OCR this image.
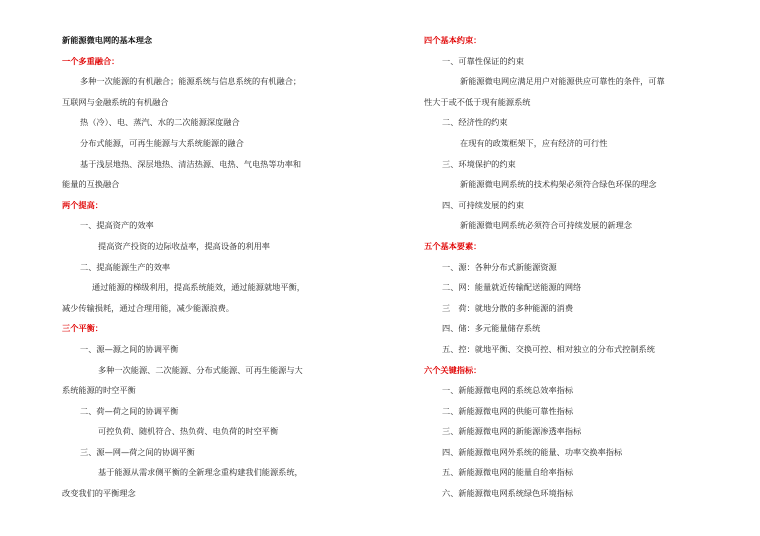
新能源微电网的基本理念
一个多重融合：
多种一次能源的有机融合；能源系统与信息系统的有机融合；
互联网与金融系统的有机融合
热（冷）、电、蒸汽、水的二次能源深度融合
分布式能源，可再生能源与大系统能源的融合
基于浅层地热、深层地热、清洁热源、电热、气电热等功率和
能量的互换融合
两个提高：
一、提高资产的效率
提高资产投资的边际收益率，提高设备的利用率
二、提高能源生产的效率
通过能源的梯级利用，提高系统能效，通过能源就地平衡，
减少传输损耗，通过合理用能，减少能源浪费。
三个平衡：
一、源—源之间的协调平衡
多种一次能源、二次能源、分布式能源、可再生能源与大
系统能源的时空平衡
二、荷—荷之间的协调平衡
可控负荷、随机符合、热负荷、电负荷的时空平衡
三、源—网—荷之间的协调平衡
基于能源从需求侧平衡的全新理念重构建我们能源系统，
改变我们的平衡理念
四个基本约束：
一、可靠性保证的约束
新能源微电网应满足用户对能源供应可靠性的条件，可靠
性大于或不低于现有能源系统
二、经济性的约束
在现有的政策框架下，应有经济的可行性
三、环境保护的约束
新能源微电网系统的技术构架必须符合绿色环保的理念
四、可持续发展的约束
新能源微电网系统必须符合可持续发展的新理念
五个基本要素：
一、源：各种分布式新能源资源
二、网：能量就近传输配送能源的网络
三　荷：就地分散的多种能源的消费
四、储：多元能量储存系统
五、控：就地平衡、交换可控、相对独立的分布式控制系统
六个关键指标：
一、新能源微电网的系统总效率指标
二、新能源微电网的供能可靠性指标
三、新能源微电网的新能源渗透率指标
四、新能源微电网外系统的能量、功率交换率指标
五、新能源微电网的能量自给率指标
六、新能源微电网系统绿色环境指标
